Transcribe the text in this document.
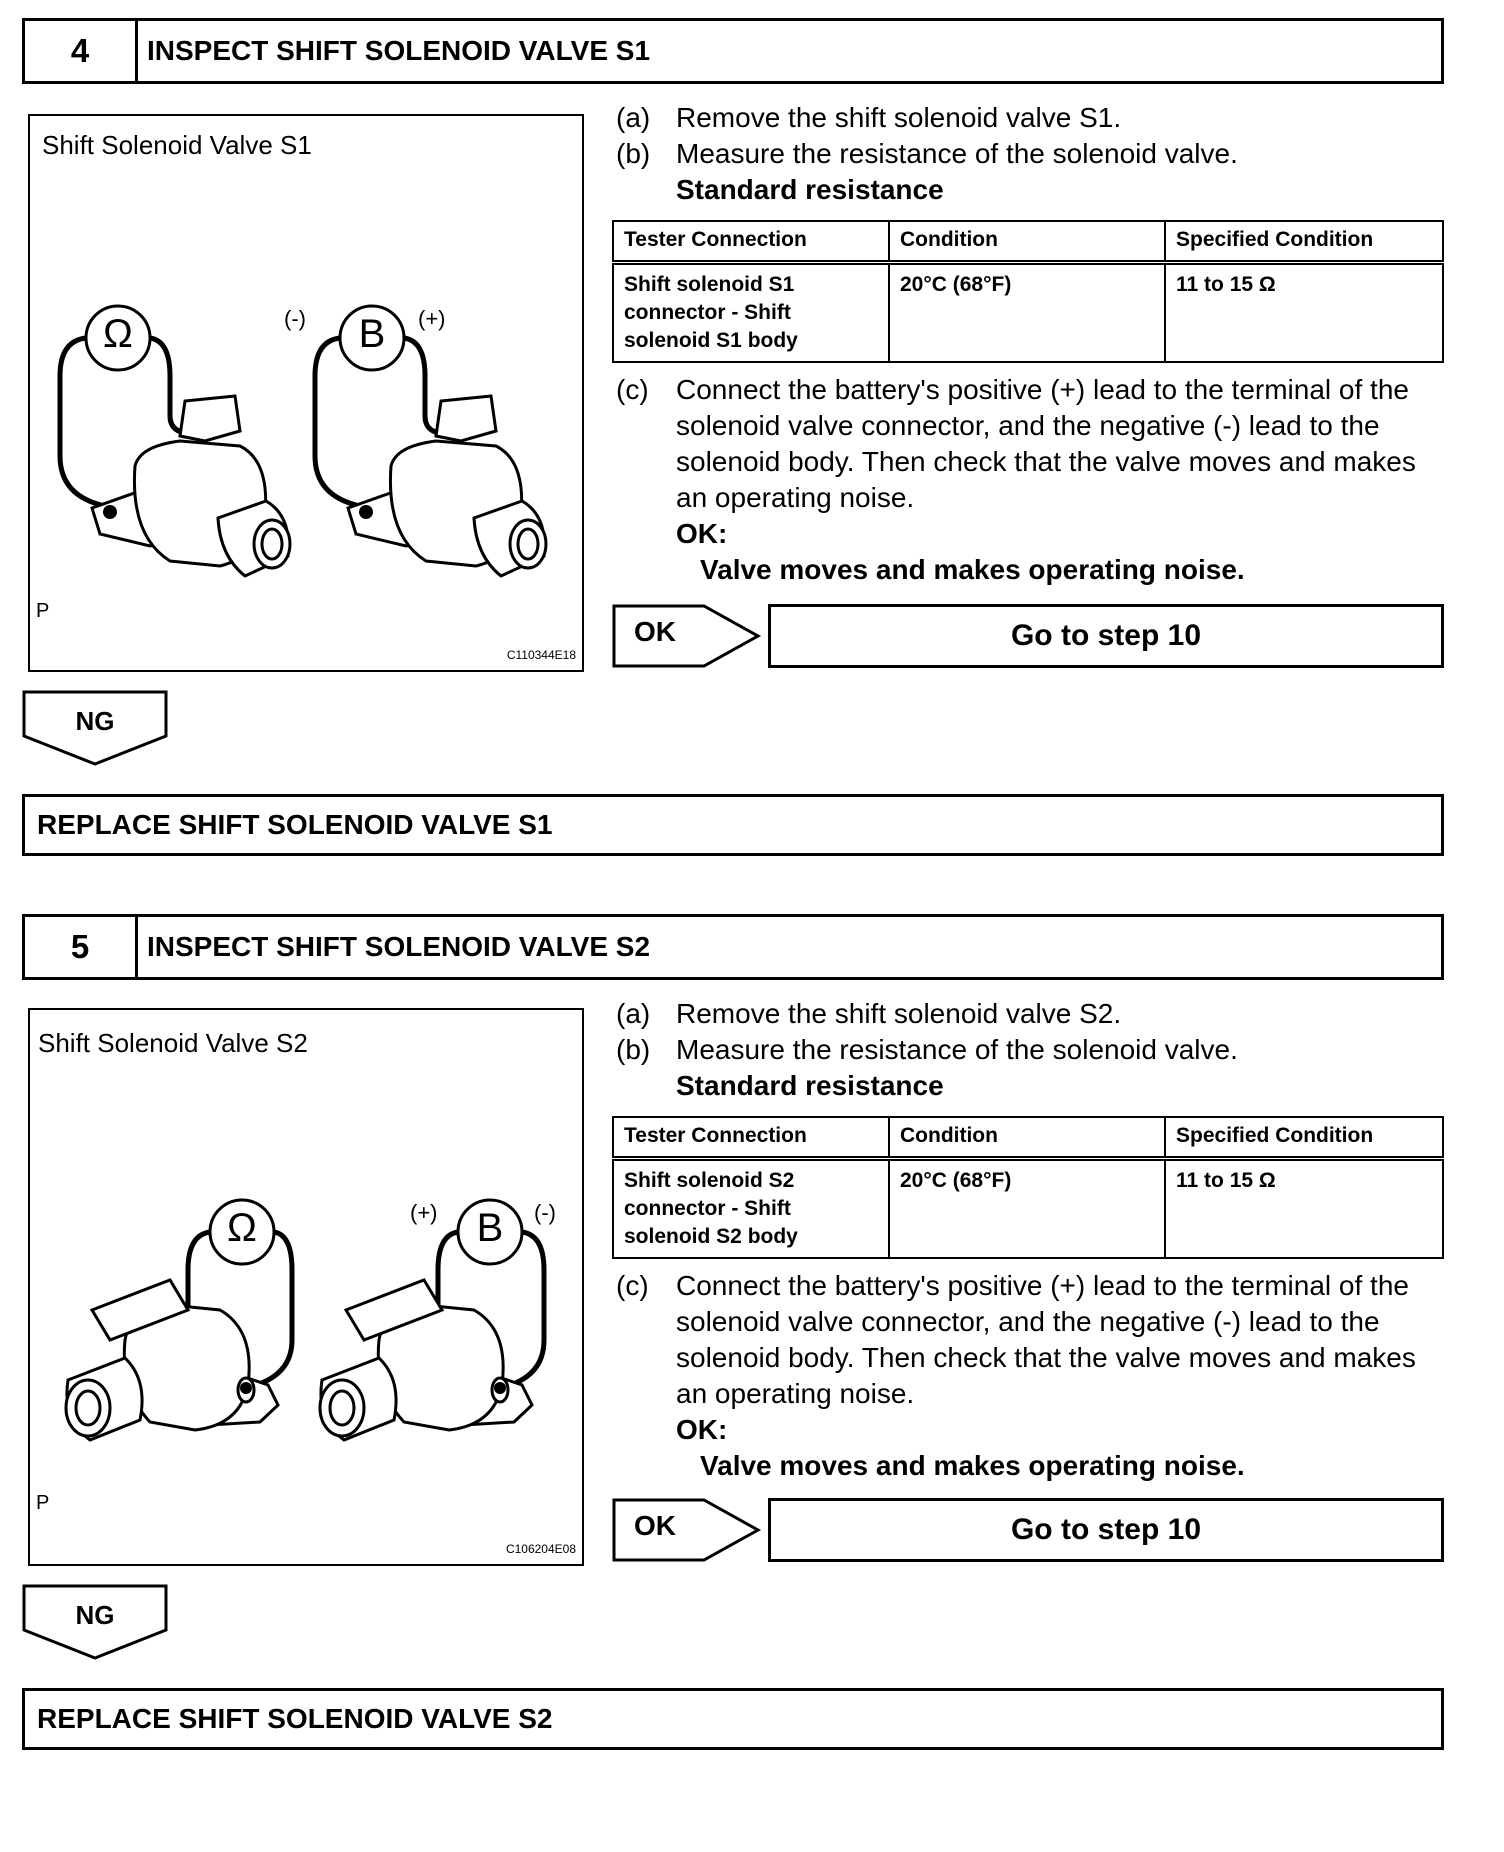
4	INSPECT SHIFT SOLENOID VALVE S1
Shift Solenoid Valve S1
Ω	B
(-)	(+)
P
C110344E18
(a) Remove the shift solenoid valve S1.
(b) Measure the resistance of the solenoid valve.
Standard resistance
Tester Connection	Condition	Specified Condition
Shift solenoid S1 connector - Shift solenoid S1 body	20°C (68°F)	11 to 15 Ω
(c) Connect the battery's positive (+) lead to the terminal of the solenoid valve connector, and the negative (-) lead to the solenoid body. Then check that the valve moves and makes an operating noise.
OK:
Valve moves and makes operating noise.
OK	Go to step 10
NG
REPLACE SHIFT SOLENOID VALVE S1
5	INSPECT SHIFT SOLENOID VALVE S2
Shift Solenoid Valve S2
Ω	B
(+)	(-)
P
C106204E08
(a) Remove the shift solenoid valve S2.
(b) Measure the resistance of the solenoid valve.
Standard resistance
Tester Connection	Condition	Specified Condition
Shift solenoid S2 connector - Shift solenoid S2 body	20°C (68°F)	11 to 15 Ω
(c) Connect the battery's positive (+) lead to the terminal of the solenoid valve connector, and the negative (-) lead to the solenoid body. Then check that the valve moves and makes an operating noise.
OK:
Valve moves and makes operating noise.
OK	Go to step 10
NG
REPLACE SHIFT SOLENOID VALVE S2
